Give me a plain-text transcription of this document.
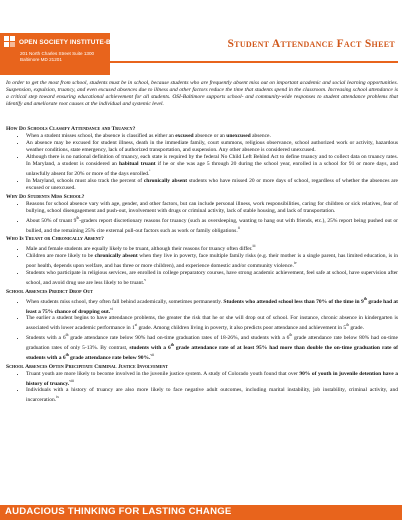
OPEN SOCIETY INSTITUTE-BALTIMORE
201 North Charles Street Suite 1300
Baltimore MD 21201
Student Attendance Fact Sheet
In order to get the most from school, students must be in school, because students who are frequently absent miss out on important academic and social learning opportunities. Suspension, expulsion, truancy, and even excused absences due to illness and other factors reduce the time that students spend in the classroom. Increasing school attendance is a critical step toward ensuring educational achievement for all students. OSI-Baltimore supports school- and community-wide responses to student attendance problems that identify and ameliorate root causes at the individual and systemic level.
How Do Schools Classify Attendance and Truancy?
• When a student misses school, the absence is classified as either an excused absence or an unexcused absence.
• An absence may be excused for student illness, death in the immediate family, court summons, religious observance, school authorized work or activity, hazardous weather conditions, state emergency, lack of authorized transportation, and suspension. Any other absence is considered unexcused.
• Although there is no national definition of truancy, each state is required by the federal No Child Left Behind Act to define truancy and to collect data on truancy rates. In Maryland, a student is considered an habitual truant if he or she was age 5 through 20 during the school year, enrolled in a school for 91 or more days, and unlawfully absent for 20% or more of the days enrolled.$^{^1}$
• In Maryland, schools must also track the percent of chronically absent students who have missed 20 or more days of school, regardless of whether the absences are excused or unexcused.
Why Do Students Miss School?
• Reasons for school absence vary with age, gender, and other factors, but can include personal illness, work responsibilities, caring for children or sick relatives, fear of bullying, school disengagement and push-out, involvement with drugs or criminal activity, lack of stable housing, and lack of transportation.
• About 50% of truant 9th-graders report discretionary reasons for truancy (such as oversleeping, wanting to hang out with friends, etc.), 25% report being pushed out or bullied, and the remaining 25% cite external pull-out factors such as work or family obligations.$^{ii}$
Who Is Truant or Chronically Absent?
• Male and female students are equally likely to be truant, although their reasons for truancy often differ.$^{iii}$
• Children are more likely to be chronically absent when they live in poverty, face multiple family risks (e.g. their mother is a single parent, has limited education, is in poor health, depends upon welfare, and has three or more children), and experience domestic and/or community violence.$^{iv}$
• Students who participate in religious services, are enrolled in college preparatory courses, have strong academic achievement, feel safe at school, have supervision after school, and avoid drug use are less likely to be truant.$^v$
School Absences Predict Drop Out
• When students miss school, they often fall behind academically, sometimes permanently. Students who attended school less than 70% of the time in 9th grade had at least a 75% chance of dropping out.$^{vi}$
• The earlier a student begins to have attendance problems, the greater the risk that he or she will drop out of school. For instance, chronic absence in kindergarten is associated with lower academic performance in 1st grade. Among children living in poverty, it also predicts poor attendance and achievement in 5th grade.
• Students with a 6th grade attendance rate below 90% had on-time graduation rates of 18-26%, and students with a 6th grade attendance rate below 80% had on-time graduation rates of only 5-13%. By contrast, students with a 6th grade attendance rate of at least 95% had more than double the on-time graduation rate of students with a 6th grade attendance rate below 90%.$^{vii}$
School Absences Often Precipitate Criminal Justice Involvement
• Truant youth are more likely to become involved in the juvenile justice system. A study of Colorado youth found that over 90% of youth in juvenile detention have a history of truancy.$^{viii}$
• Individuals with a history of truancy are also more likely to face negative adult outcomes, including marital instability, job instability, criminal activity, and incarceration.$^{ix}$
AUDACIOUS THINKING FOR LASTING CHANGE
